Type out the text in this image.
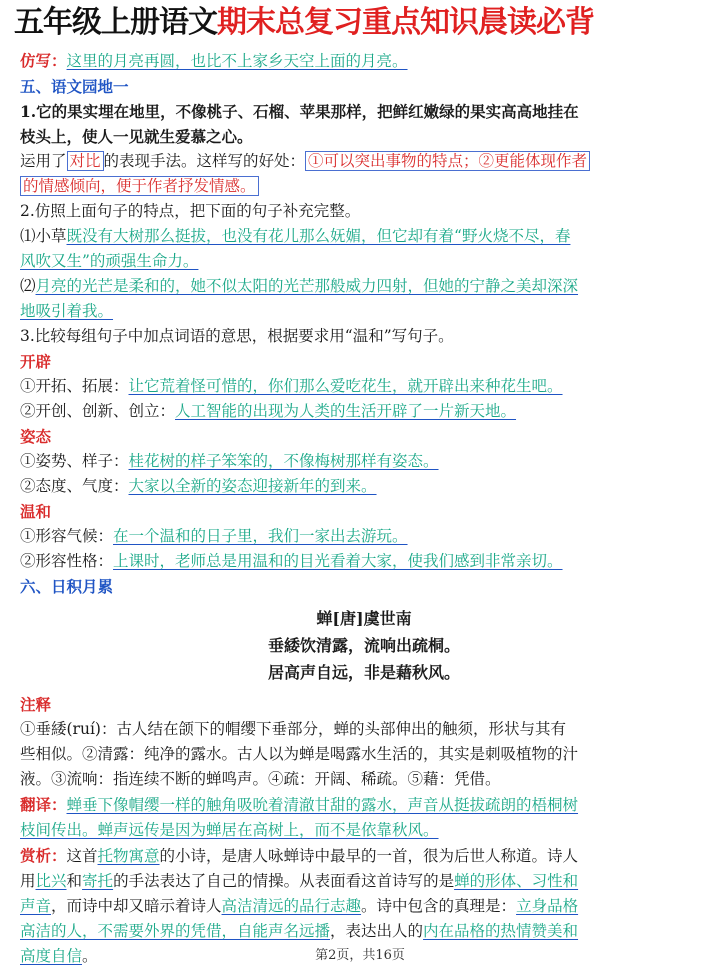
五年级上册语文期末总复习重点知识晨读必背
仿写：这里的月亮再圆，也比不上家乡天空上面的月亮。
五、语文园地一
1.它的果实埋在地里，不像桃子、石榴、苹果那样，把鲜红嫩绿的果实高高地挂在
枝头上，使人一见就生爱慕之心。
运用了 对比 的表现手法。这样写的好处： ①可以突出事物的特点；②更能体现作者
的情感倾向，便于作者抒发情感。
2.仿照上面句子的特点，把下面的句子补充完整。
⑴小草既没有大树那么挺拔，也没有花儿那么妩媚，但它却有着“野火烧不尽，春
风吹又生”的顽强生命力。
⑵月亮的光芒是柔和的，她不似太阳的光芒那般威力四射，但她的宁静之美却深深
地吸引着我。
3.比较每组句子中加点词语的意思，根据要求用“温和”写句子。
开辟
①开拓、拓展：让它荒着怪可惜的，你们那么爱吃花生，就开辟出来种花生吧。
②开创、创新、创立：人工智能的出现为人类的生活开辟了一片新天地。
姿态
①姿势、样子：桂花树的样子笨笨的，不像梅树那样有姿态。
②态度、气度：大家以全新的姿态迎接新年的到来。
温和
①形容气候：在一个温和的日子里，我们一家出去游玩。
②形容性格：上课时，老师总是用温和的目光看着大家，使我们感到非常亲切。
六、日积月累
蝉[唐]虞世南
垂緌饮清露，流响出疏桐。
居高声自远，非是藉秋风。
注释
①垂緌(ruí)：古人结在颌下的帽缨下垂部分，蝉的头部伸出的触须，形状与其有
些相似。②清露：纯净的露水。古人以为蝉是喝露水生活的，其实是刺吸植物的汁
液。③流响：指连续不断的蝉鸣声。④疏：开阔、稀疏。⑤藉：凭借。
翻译：蝉垂下像帽缨一样的触角吸吮着清澈甘甜的露水，声音从挺拔疏朗的梧桐树
枝间传出。蝉声远传是因为蝉居在高树上，而不是依靠秋风。
赏析：这首托物寓意的小诗，是唐人咏蝉诗中最早的一首，很为后世人称道。诗人
用比兴和寄托的手法表达了自己的情操。从表面看这首诗写的是蝉的形体、习性和
声音，而诗中却又暗示着诗人高洁清远的品行志趣。诗中包含的真理是：立身品格
高洁的人，不需要外界的凭借，自能声名远播，表达出人的内在品格的热情赞美和
高度自信。	第2页，共16页
